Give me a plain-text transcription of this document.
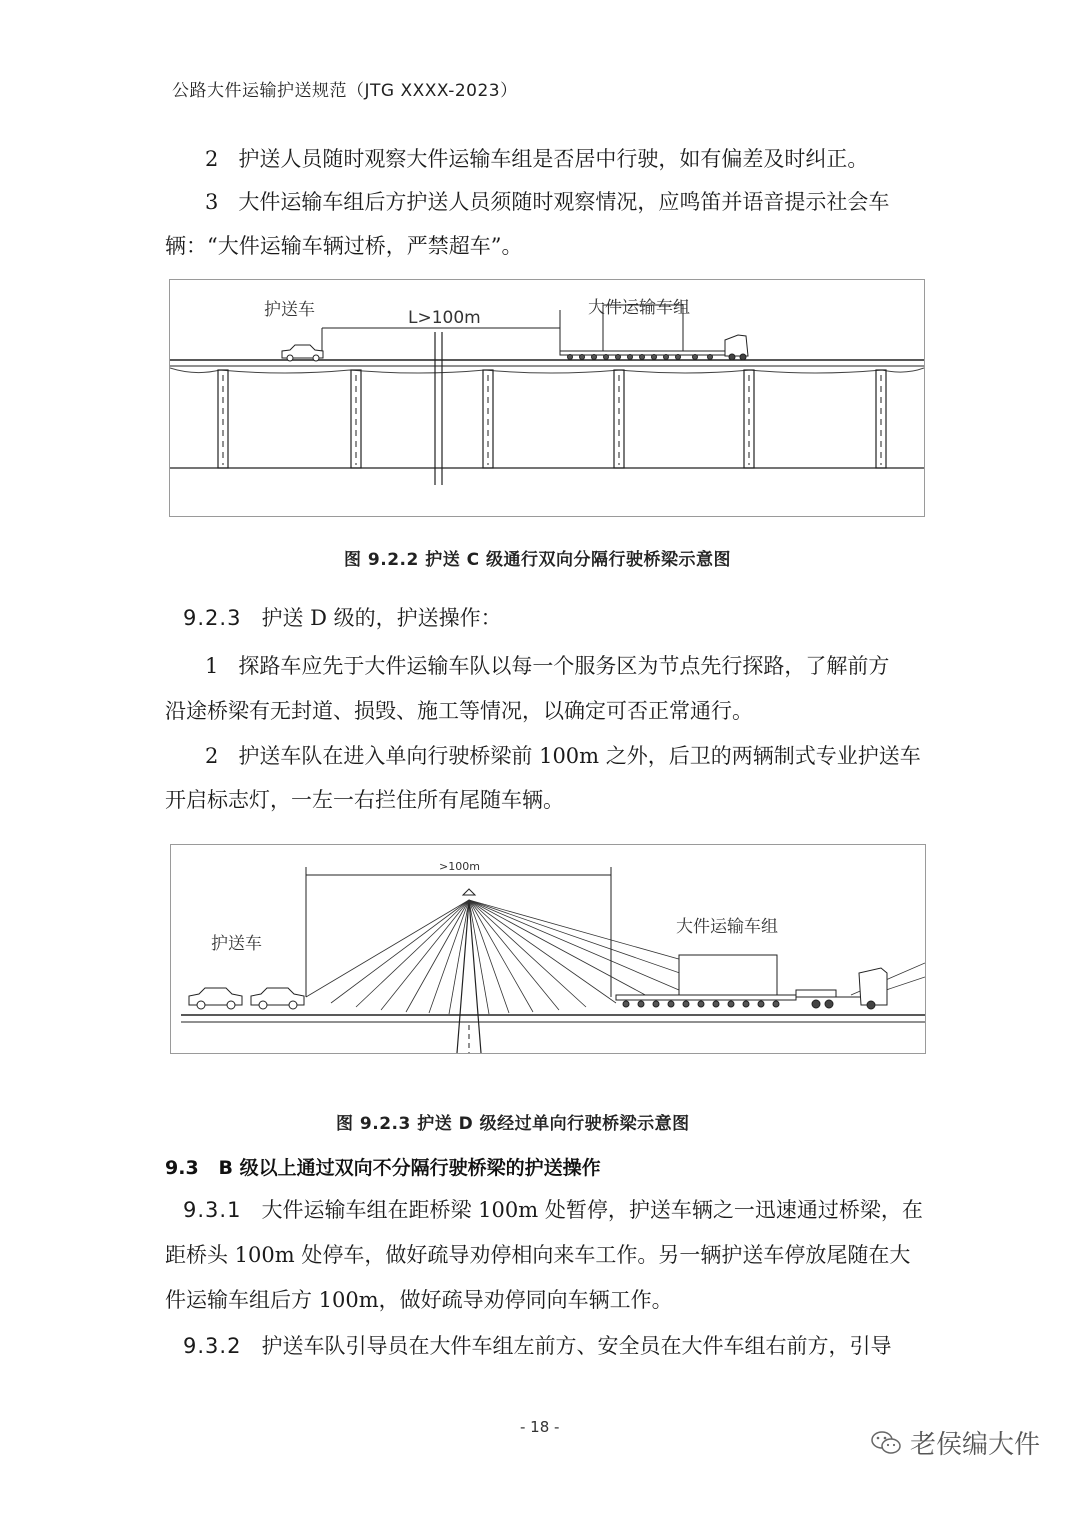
公路大件运输护送规范（JTG XXXX-2023）
2 护送人员随时观察大件运输车组是否居中行驶，如有偏差及时纠正。
3 大件运输车组后方护送人员须随时观察情况，应鸣笛并语音提示社会车
辆：“大件运输车辆过桥，严禁超车”。
护送车	L>100m	大件运输车组
图 9.2.2 护送 C 级通行双向分隔行驶桥梁示意图
9.2.3 护送 D 级的，护送操作：
1 探路车应先于大件运输车队以每一个服务区为节点先行探路，了解前方
沿途桥梁有无封道、损毁、施工等情况，以确定可否正常通行。
2 护送车队在进入单向行驶桥梁前 100m 之外，后卫的两辆制式专业护送车
开启标志灯，一左一右拦住所有尾随车辆。
>100m
护送车
大件运输车组
图 9.2.3 护送 D 级经过单向行驶桥梁示意图
9.3 B 级以上通过双向不分隔行驶桥梁的护送操作
9.3.1 大件运输车组在距桥梁 100m 处暂停，护送车辆之一迅速通过桥梁，在
距桥头 100m 处停车，做好疏导劝停相向来车工作。另一辆护送车停放尾随在大
件运输车组后方 100m，做好疏导劝停同向车辆工作。
9.3.2 护送车队引导员在大件车组左前方、安全员在大件车组右前方，引导
- 18 -
老侯编大件
